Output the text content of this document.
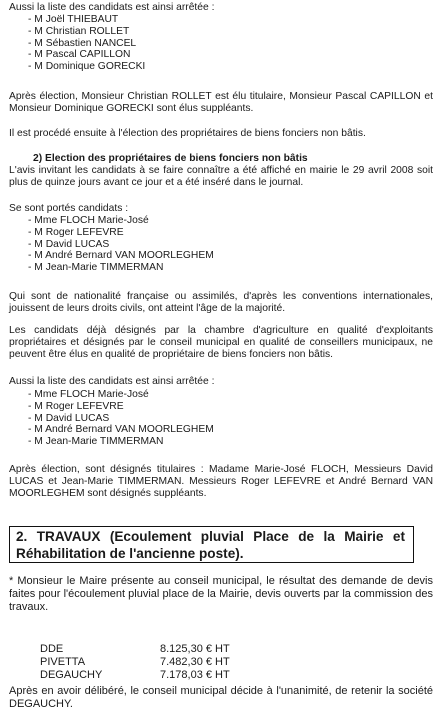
Aussi la liste des candidats est ainsi arrêtée :

- M Joël THIEBAUT
- M Christian ROLLET
- M Sébastien NANCEL
- M Pascal CAPILLON
- M Dominique GORECKI

Après élection, Monsieur Christian ROLLET est élu titulaire, Monsieur Pascal CAPILLON et Monsieur Dominique GORECKI sont élus suppléants.

Il est procédé ensuite à l'élection des propriétaires de biens fonciers non bâtis.

2) Election des propriétaires de biens fonciers non bâtis

L'avis invitant les candidats à se faire connaître a été affiché en mairie le 29 avril 2008 soit plus de quinze jours avant ce jour et a été inséré dans le journal.

Se sont portés candidats :

- Mme FLOCH Marie-José
- M Roger LEFEVRE
- M David LUCAS
- M André Bernard VAN MOORLEGHEM
- M Jean-Marie TIMMERMAN

Qui sont de nationalité française ou assimilés, d'après les conventions internationales, jouissent de leurs droits civils, ont atteint l'âge de la majorité.

Les candidats déjà désignés par la chambre d'agriculture en qualité d'exploitants propriétaires et désignés par le conseil municipal en qualité de conseillers municipaux, ne peuvent être élus en qualité de propriétaire de biens fonciers non bâtis.

Aussi la liste des candidats est ainsi arrêtée :

- Mme FLOCH Marie-José
- M Roger LEFEVRE
- M David LUCAS
- M André Bernard VAN MOORLEGHEM
- M Jean-Marie TIMMERMAN

Après élection, sont désignés titulaires : Madame Marie-José FLOCH, Messieurs David LUCAS et Jean-Marie TIMMERMAN. Messieurs Roger LEFEVRE et André Bernard VAN MOORLEGHEM sont désignés suppléants.

2. TRAVAUX (Ecoulement pluvial Place de la Mairie et Réhabilitation de l'ancienne poste).

* Monsieur le Maire présente au conseil municipal, le résultat des demande de devis faites pour l'écoulement pluvial place de la Mairie, devis ouverts par la commission des travaux.

DDE	8.125,30 € HT
PIVETTA	7.482,30 € HT
DEGAUCHY	7.178,03 € HT

Après en avoir délibéré, le conseil municipal décide à l'unanimité, de retenir la société DEGAUCHY.
